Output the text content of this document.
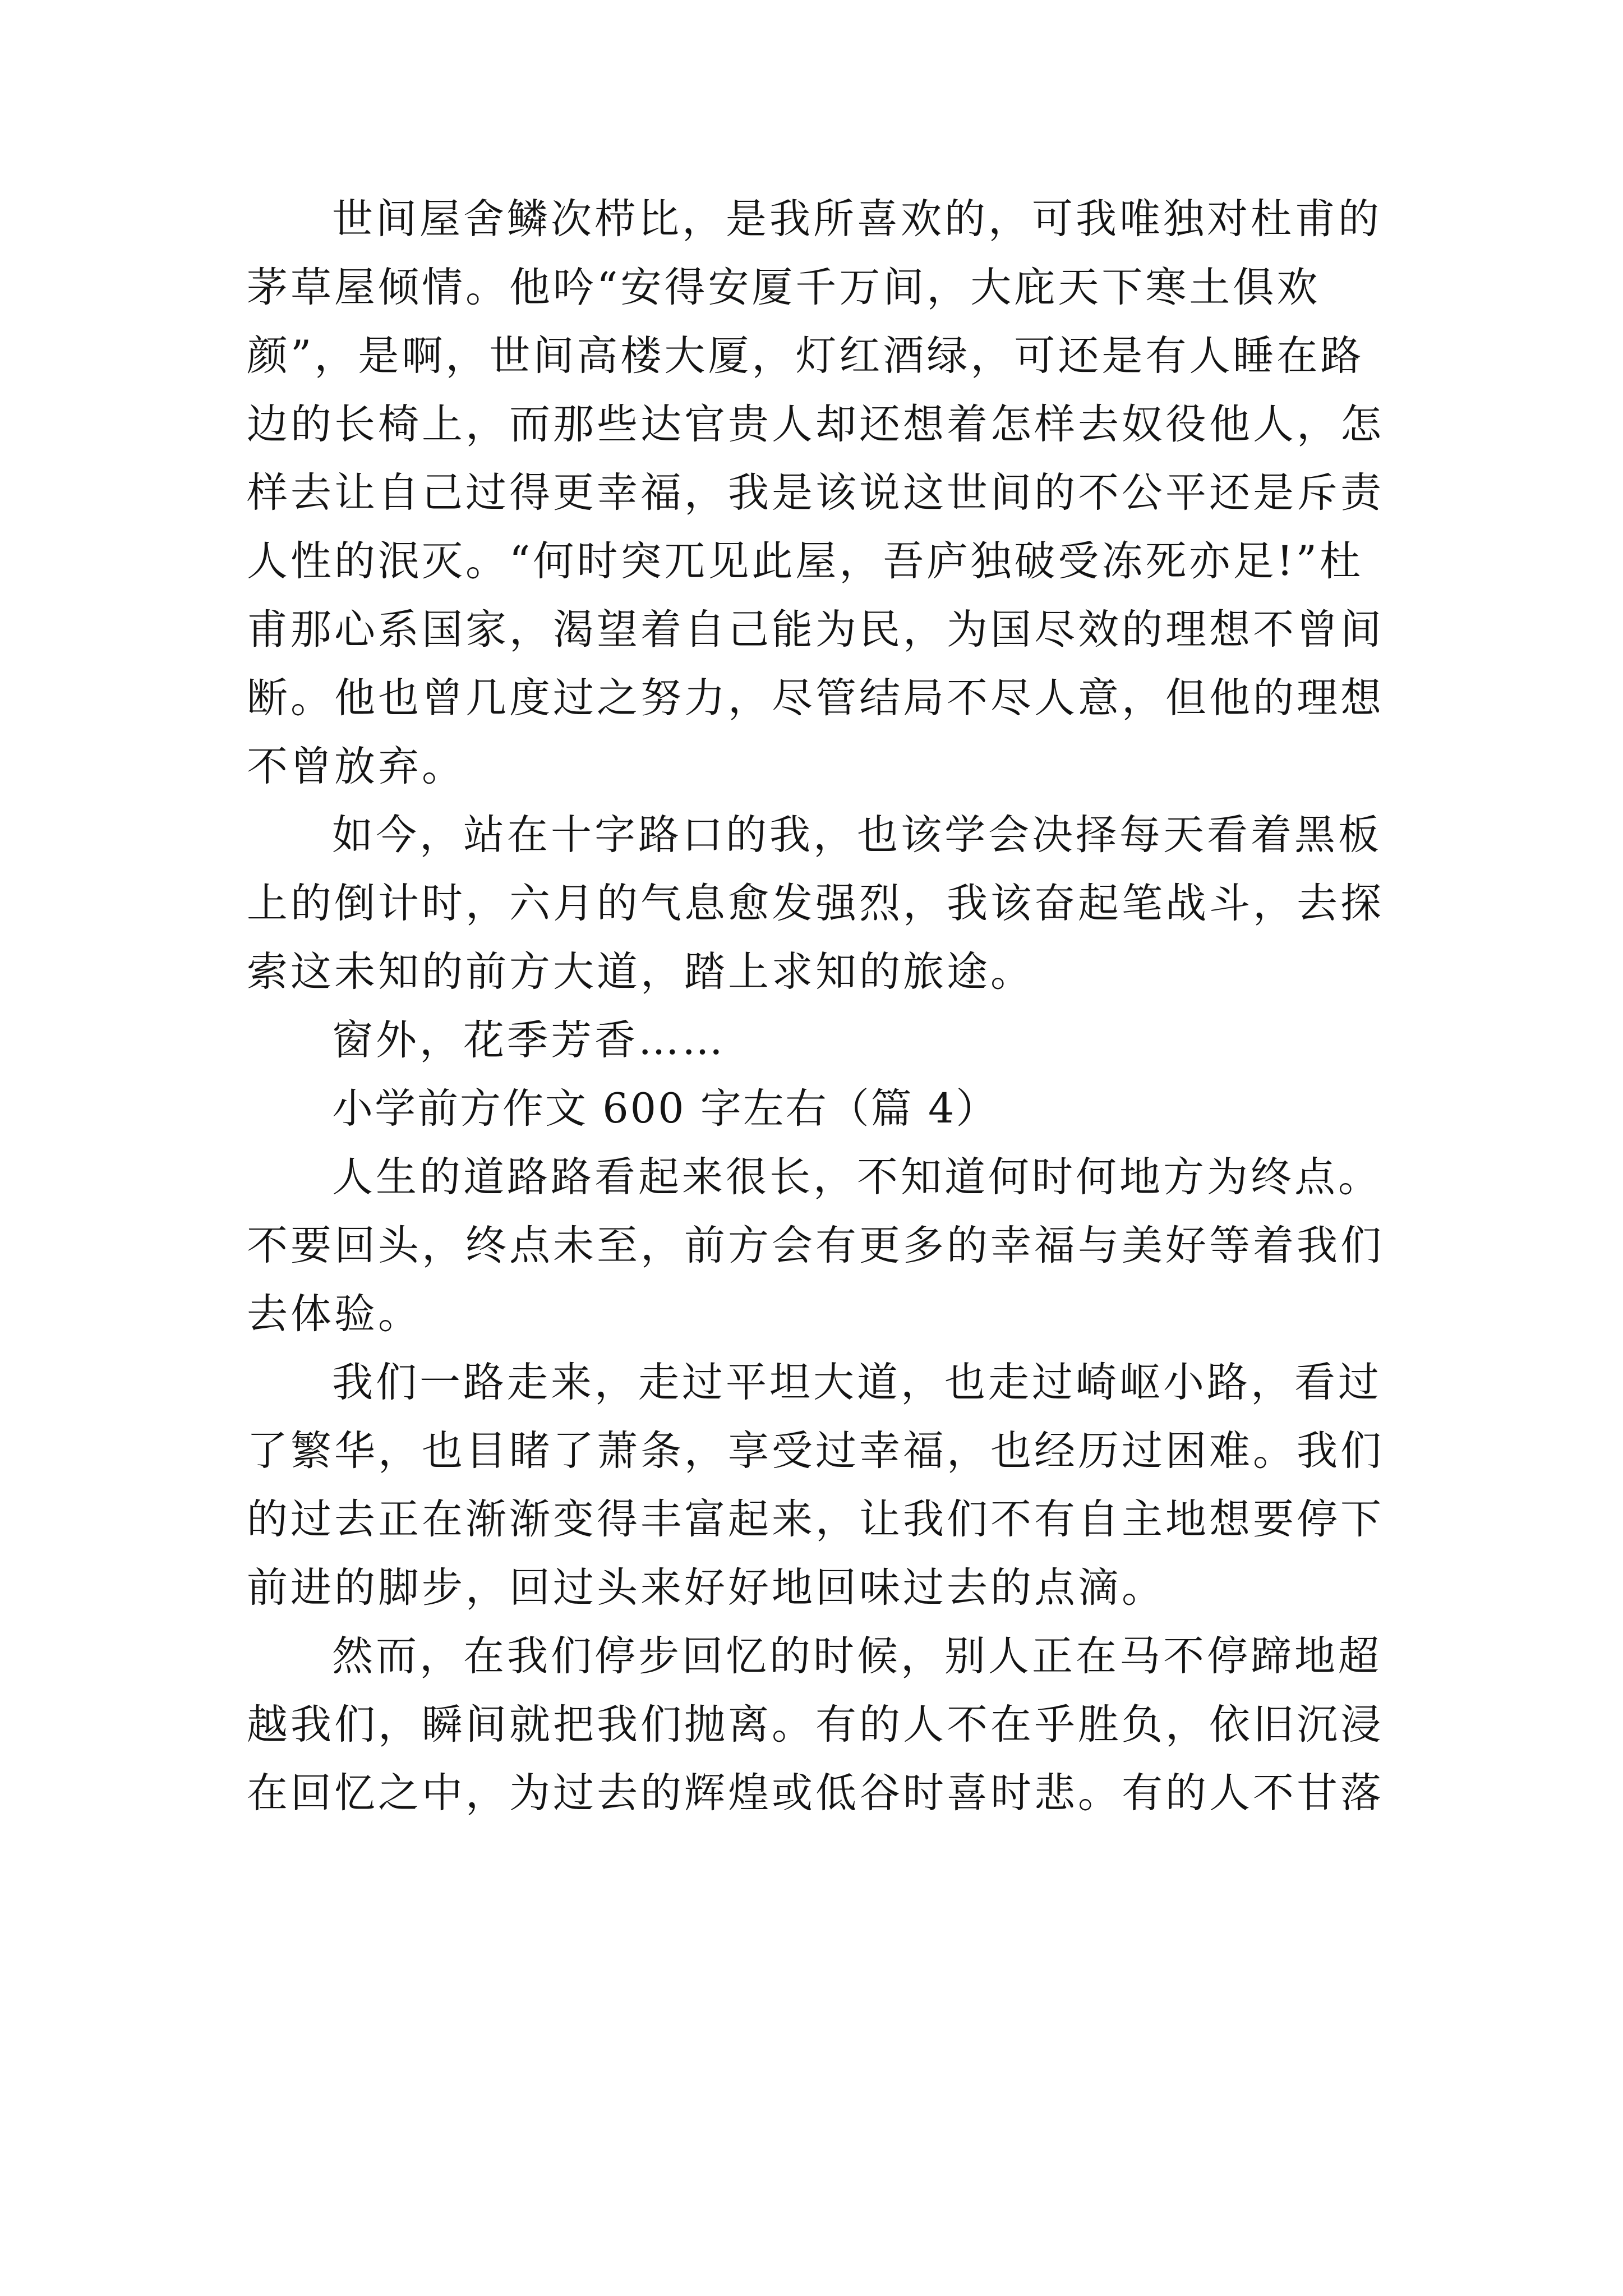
世间屋舍鳞次栉比，是我所喜欢的，可我唯独对杜甫的
茅草屋倾情。他吟“安得安厦千万间，大庇天下寒土俱欢
颜”，是啊，世间高楼大厦，灯红酒绿，可还是有人睡在路
边的长椅上，而那些达官贵人却还想着怎样去奴役他人，怎
样去让自己过得更幸福，我是该说这世间的不公平还是斥责
人性的泯灭。“何时突兀见此屋，吾庐独破受冻死亦足!”杜
甫那心系国家，渴望着自己能为民，为国尽效的理想不曾间
断。他也曾几度过之努力，尽管结局不尽人意，但他的理想
不曾放弃。
如今，站在十字路口的我，也该学会决择每天看着黑板
上的倒计时，六月的气息愈发强烈，我该奋起笔战斗，去探
索这未知的前方大道，踏上求知的旅途。
窗外，花季芳香……
小学前方作文 600 字左右（篇 4）
人生的道路路看起来很长，不知道何时何地方为终点。
不要回头，终点未至，前方会有更多的幸福与美好等着我们
去体验。
我们一路走来，走过平坦大道，也走过崎岖小路，看过
了繁华，也目睹了萧条，享受过幸福，也经历过困难。我们
的过去正在渐渐变得丰富起来，让我们不有自主地想要停下
前进的脚步，回过头来好好地回味过去的点滴。
然而，在我们停步回忆的时候，别人正在马不停蹄地超
越我们，瞬间就把我们抛离。有的人不在乎胜负，依旧沉浸
在回忆之中，为过去的辉煌或低谷时喜时悲。有的人不甘落
